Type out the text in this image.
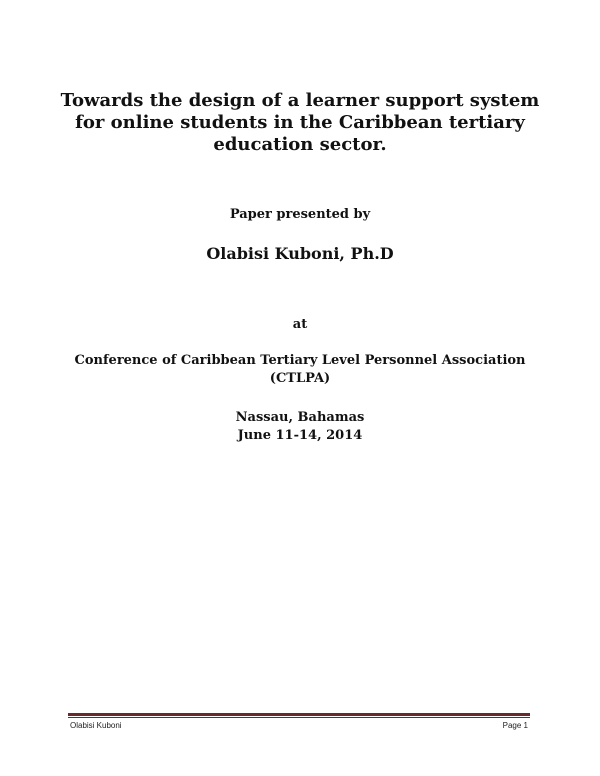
Towards the design of a learner support system
for online students in the Caribbean tertiary
education sector.
Paper presented by
Olabisi Kuboni, Ph.D
at
Conference of Caribbean Tertiary Level Personnel Association
(CTLPA)
Nassau, Bahamas
June 11-14, 2014
Olabisi Kuboni	Page 1
